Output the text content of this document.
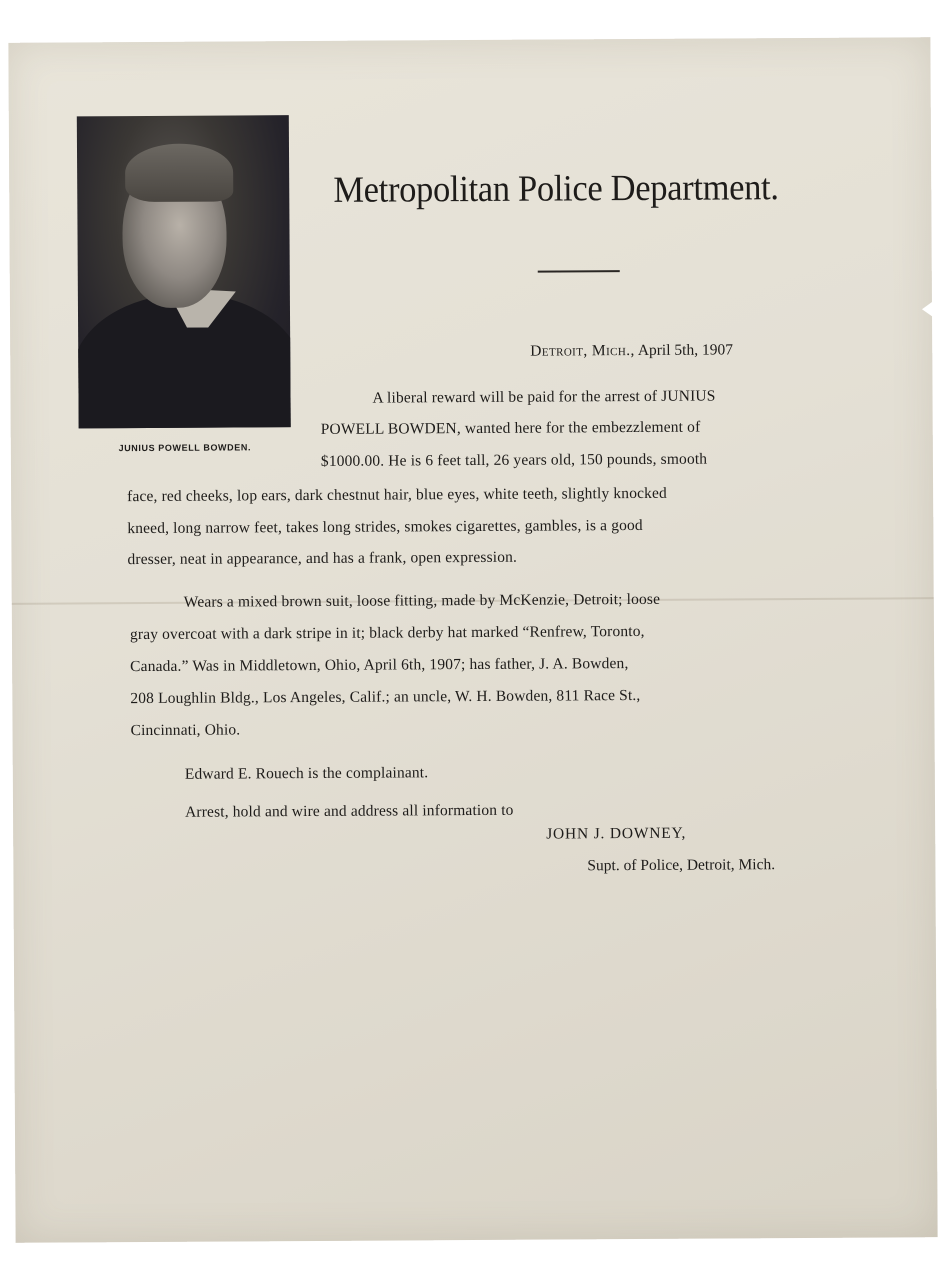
JUNIUS POWELL BOWDEN.
Metropolitan Police Department.
Detroit, Mich., April 5th, 1907
A liberal reward will be paid for the arrest of JUNIUS
POWELL BOWDEN, wanted here for the embezzlement of
$1000.00. He is 6 feet tall, 26 years old, 150 pounds, smooth
face, red cheeks, lop ears, dark chestnut hair, blue eyes, white teeth, slightly knocked
kneed, long narrow feet, takes long strides, smokes cigarettes, gambles, is a good
dresser, neat in appearance, and has a frank, open expression.
Wears a mixed brown suit, loose fitting, made by McKenzie, Detroit; loose
gray overcoat with a dark stripe in it; black derby hat marked “Renfrew, Toronto,
Canada.” Was in Middletown, Ohio, April 6th, 1907; has father, J. A. Bowden,
208 Loughlin Bldg., Los Angeles, Calif.; an uncle, W. H. Bowden, 811 Race St.,
Cincinnati, Ohio.
Edward E. Rouech is the complainant.
Arrest, hold and wire and address all information to
JOHN J. DOWNEY,
Supt. of Police, Detroit, Mich.
